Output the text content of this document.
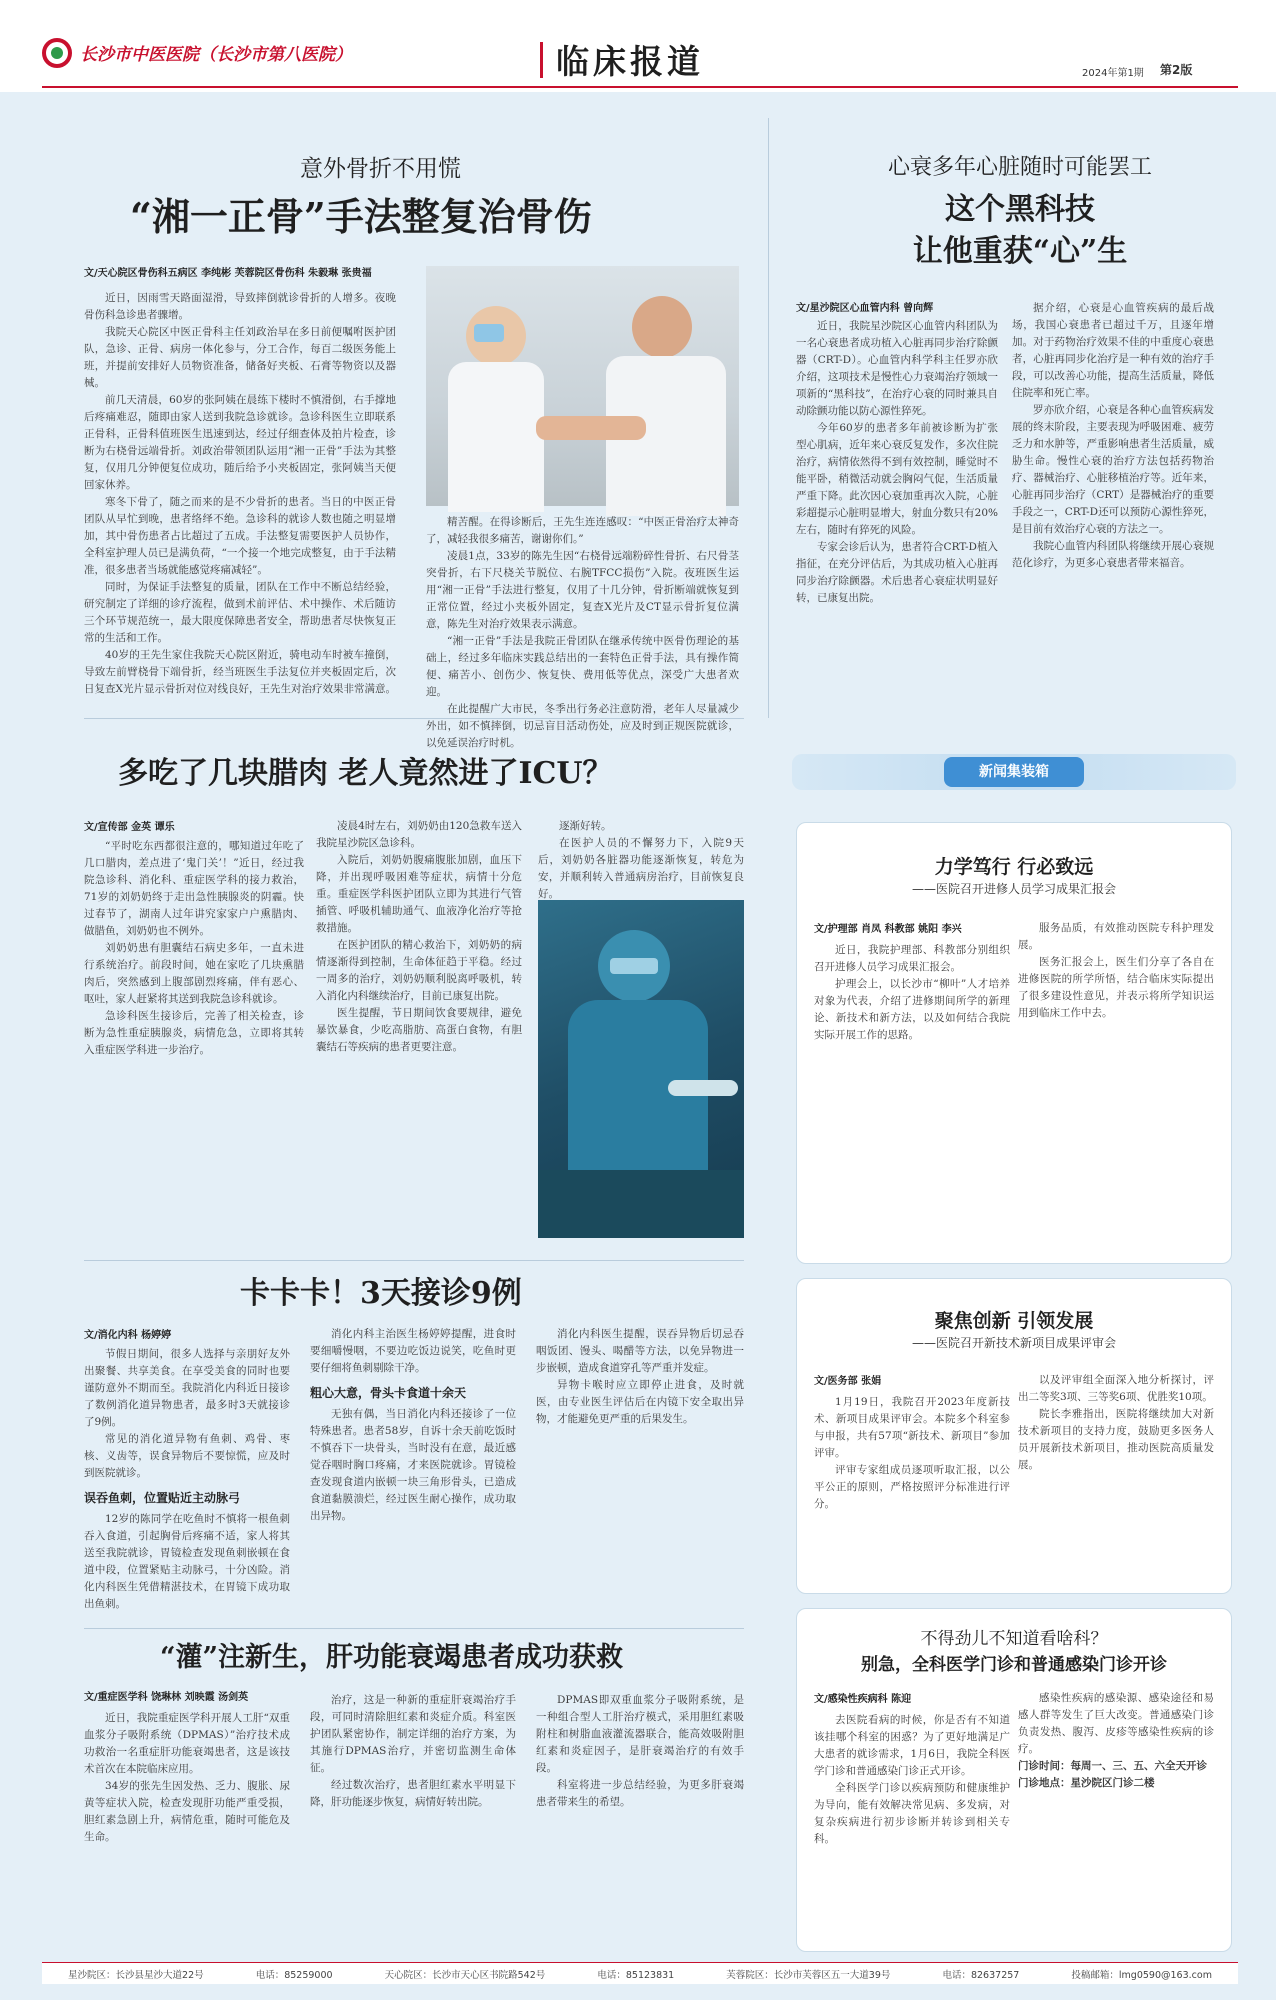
长沙市中医医院（长沙市第八医院）	临床报道	2024年第1期 第2版
意外骨折不用慌
“湘一正骨”手法整复治骨伤
文/天心院区骨伤科五病区 李纯彬 芙蓉院区骨伤科 朱毅琳 张贵福

近日，因雨雪天路面湿滑，导致摔倒就诊骨折的人增多。夜晚骨伤科急诊患者骤增。

我院天心院区中医正骨科主任刘政治早在多日前便嘱咐医护团队，急诊、正骨、病房一体化参与，分工合作，每百二级医务能上班，并提前安排好人员物资准备，储备好夹板、石膏等物资以及器械。

前几天清晨，60岁的张阿姨在晨练下楼时不慎滑倒，右手撑地后疼痛难忍，随即由家人送到我院急诊就诊。急诊科医生立即联系正骨科，正骨科值班医生迅速到达，经过仔细查体及拍片检查，诊断为右桡骨远端骨折。刘政治带领团队运用“湘一正骨”手法为其整复，仅用几分钟便复位成功，随后给予小夹板固定，张阿姨当天便回家休养。

寒冬下骨了，随之而来的是不少骨折的患者。当日的中医正骨团队从早忙到晚，患者络绎不绝。急诊科的就诊人数也随之明显增加，其中骨伤患者占比超过了五成。手法整复需要医护人员协作，全科室护理人员已是满负荷，“一个接一个地完成整复，由于手法精准，很多患者当场就能感觉疼痛减轻”。

同时，为保证手法整复的质量，团队在工作中不断总结经验，研究制定了详细的诊疗流程，做到术前评估、术中操作、术后随访三个环节规范统一，最大限度保障患者安全，帮助患者尽快恢复正常的生活和工作。

40岁的王先生家住我院天心院区附近，骑电动车时被车撞倒，导致左前臂桡骨下端骨折，经当班医生手法复位并夹板固定后，次日复查X光片显示骨折对位对线良好，王先生对治疗效果非常满意。

精苦醒。在得诊断后，王先生连连感叹：“中医正骨治疗太神奇了，减轻我很多痛苦，谢谢你们。”

凌晨1点，33岁的陈先生因“右桡骨远端粉碎性骨折、右尺骨茎突骨折，右下尺桡关节脱位、右腕TFCC损伤”入院。夜班医生运用“湘一正骨”手法进行整复，仅用了十几分钟，骨折断端就恢复到正常位置，经过小夹板外固定，复查X光片及CT显示骨折复位满意，陈先生对治疗效果表示满意。

“湘一正骨”手法是我院正骨团队在继承传统中医骨伤理论的基础上，经过多年临床实践总结出的一套特色正骨手法，具有操作简便、痛苦小、创伤少、恢复快、费用低等优点，深受广大患者欢迎。

在此提醒广大市民，冬季出行务必注意防滑，老年人尽量减少外出，如不慎摔倒，切忌盲目活动伤处，应及时到正规医院就诊，以免延误治疗时机。

心衰多年心脏随时可能罢工
这个黑科技
让他重获“心”生
文/星沙院区心血管内科 曾向辉

近日，我院星沙院区心血管内科团队为一名心衰患者成功植入心脏再同步治疗除颤器（CRT-D）。心血管内科学科主任罗亦欣介绍，这项技术是慢性心力衰竭治疗领域一项新的“黑科技”，在治疗心衰的同时兼具自动除颤功能以防心源性猝死。

今年60岁的患者多年前被诊断为扩张型心肌病，近年来心衰反复发作，多次住院治疗，病情依然得不到有效控制，睡觉时不能平卧，稍微活动就会胸闷气促，生活质量严重下降。此次因心衰加重再次入院，心脏彩超提示心脏明显增大，射血分数只有20%左右，随时有猝死的风险。

专家会诊后认为，患者符合CRT-D植入指征，在充分评估后，为其成功植入心脏再同步治疗除颤器。术后患者心衰症状明显好转，已康复出院。

据介绍，心衰是心血管疾病的最后战场，我国心衰患者已超过千万，且逐年增加。对于药物治疗效果不佳的中重度心衰患者，心脏再同步化治疗是一种有效的治疗手段，可以改善心功能，提高生活质量，降低住院率和死亡率。

罗亦欣介绍，心衰是各种心血管疾病发展的终末阶段，主要表现为呼吸困难、疲劳乏力和水肿等，严重影响患者生活质量，威胁生命。慢性心衰的治疗方法包括药物治疗、器械治疗、心脏移植治疗等。近年来，心脏再同步治疗（CRT）是器械治疗的重要手段之一，CRT-D还可以预防心源性猝死，是目前有效治疗心衰的方法之一。

我院心血管内科团队将继续开展心衰规范化诊疗，为更多心衰患者带来福音。

多吃了几块腊肉 老人竟然进了ICU？
文/宣传部 金英 谭乐

“平时吃东西都很注意的，哪知道过年吃了几口腊肉，差点进了‘鬼门关’！”近日，经过我院急诊科、消化科、重症医学科的接力救治，71岁的刘奶奶终于走出急性胰腺炎的阴霾。快过春节了，湖南人过年讲究家家户户熏腊肉、做腊鱼，刘奶奶也不例外。

刘奶奶患有胆囊结石病史多年，一直未进行系统治疗。前段时间，她在家吃了几块熏腊肉后，突然感到上腹部剧烈疼痛，伴有恶心、呕吐，家人赶紧将其送到我院急诊科就诊。

急诊科医生接诊后，完善了相关检查，诊断为急性重症胰腺炎，病情危急，立即将其转入重症医学科进一步治疗。

凌晨4时左右，刘奶奶由120急救车送入我院星沙院区急诊科。

入院后，刘奶奶腹痛腹胀加剧，血压下降，并出现呼吸困难等症状，病情十分危重。重症医学科医护团队立即为其进行气管插管、呼吸机辅助通气、血液净化治疗等抢救措施。

在医护团队的精心救治下，刘奶奶的病情逐渐得到控制，生命体征趋于平稳。经过一周多的治疗，刘奶奶顺利脱离呼吸机，转入消化内科继续治疗，目前已康复出院。

医生提醒，节日期间饮食要规律，避免暴饮暴食，少吃高脂肪、高蛋白食物，有胆囊结石等疾病的患者更要注意。

逐渐好转。

在医护人员的不懈努力下，入院9天后，刘奶奶各脏器功能逐渐恢复，转危为安，并顺利转入普通病房治疗，目前恢复良好。

卡卡卡！3天接诊9例
文/消化内科 杨婷婷

节假日期间，很多人选择与亲朋好友外出聚餐、共享美食。在享受美食的同时也要谨防意外不期而至。我院消化内科近日接诊了数例消化道异物患者，最多时3天就接诊了9例。

常见的消化道异物有鱼刺、鸡骨、枣核、义齿等，误食异物后不要惊慌，应及时到医院就诊。

误吞鱼刺，位置贴近主动脉弓

12岁的陈同学在吃鱼时不慎将一根鱼刺吞入食道，引起胸骨后疼痛不适，家人将其送至我院就诊，胃镜检查发现鱼刺嵌顿在食道中段，位置紧贴主动脉弓，十分凶险。消化内科医生凭借精湛技术，在胃镜下成功取出鱼刺。

消化内科主治医生杨婷婷提醒，进食时要细嚼慢咽，不要边吃饭边说笑，吃鱼时更要仔细将鱼刺剔除干净。

粗心大意，骨头卡食道十余天

无独有偶，当日消化内科还接诊了一位特殊患者。患者58岁，自诉十余天前吃饭时不慎吞下一块骨头，当时没有在意，最近感觉吞咽时胸口疼痛，才来医院就诊。胃镜检查发现食道内嵌顿一块三角形骨头，已造成食道黏膜溃烂，经过医生耐心操作，成功取出异物。

消化内科医生提醒，误吞异物后切忌吞咽饭团、馒头、喝醋等方法，以免异物进一步嵌顿，造成食道穿孔等严重并发症。

异物卡喉时应立即停止进食，及时就医，由专业医生评估后在内镜下安全取出异物，才能避免更严重的后果发生。

“灌”注新生，肝功能衰竭患者成功获救
文/重症医学科 饶琳林 刘映霞 汤剑英

近日，我院重症医学科开展人工肝“双重血浆分子吸附系统（DPMAS）”治疗技术成功救治一名重症肝功能衰竭患者，这是该技术首次在本院临床应用。

34岁的张先生因发热、乏力、腹胀、尿黄等症状入院，检查发现肝功能严重受损，胆红素急剧上升，病情危重，随时可能危及生命。

治疗，这是一种新的重症肝衰竭治疗手段，可同时清除胆红素和炎症介质。科室医护团队紧密协作，制定详细的治疗方案，为其施行DPMAS治疗，并密切监测生命体征。

经过数次治疗，患者胆红素水平明显下降，肝功能逐步恢复，病情好转出院。

DPMAS即双重血浆分子吸附系统，是一种组合型人工肝治疗模式，采用胆红素吸附柱和树脂血液灌流器联合，能高效吸附胆红素和炎症因子，是肝衰竭治疗的有效手段。

科室将进一步总结经验，为更多肝衰竭患者带来生的希望。

新闻集装箱
力学笃行 行必致远
——医院召开进修人员学习成果汇报会
文/护理部 肖凤 科教部 姚阳 李兴

近日，我院护理部、科教部分别组织召开进修人员学习成果汇报会。

护理会上，以长沙市“柳叶”人才培养对象为代表，介绍了进修期间所学的新理论、新技术和新方法，以及如何结合我院实际开展工作的思路。

服务品质，有效推动医院专科护理发展。

医务汇报会上，医生们分享了各自在进修医院的所学所悟，结合临床实际提出了很多建设性意见，并表示将所学知识运用到临床工作中去。

聚焦创新 引领发展
——医院召开新技术新项目成果评审会
文/医务部 张娟

1月19日，我院召开2023年度新技术、新项目成果评审会。本院多个科室参与申报，共有57项“新技术、新项目”参加评审。

评审专家组成员逐项听取汇报，以公平公正的原则，严格按照评分标准进行评分。

以及评审组全面深入地分析探讨，评出二等奖3项、三等奖6项、优胜奖10项。

院长李雅指出，医院将继续加大对新技术新项目的支持力度，鼓励更多医务人员开展新技术新项目，推动医院高质量发展。

不得劲儿不知道看啥科？
别急，全科医学门诊和普通感染门诊开诊
文/感染性疾病科 陈迎

去医院看病的时候，你是否有不知道该挂哪个科室的困惑？为了更好地满足广大患者的就诊需求，1月6日，我院全科医学门诊和普通感染门诊正式开诊。

全科医学门诊以疾病预防和健康维护为导向，能有效解决常见病、多发病，对复杂疾病进行初步诊断并转诊到相关专科。

感染性疾病的感染源、感染途径和易感人群等发生了巨大改变。普通感染门诊负责发热、腹泻、皮疹等感染性疾病的诊疗。

门诊时间：每周一、三、五、六全天开诊

门诊地点：星沙院区门诊二楼

星沙院区：长沙县星沙大道22号	电话：85259000	天心院区：长沙市天心区书院路542号	电话：85123831	芙蓉院区：长沙市芙蓉区五一大道39号	电话：82637257	投稿邮箱：lmg0590@163.com
